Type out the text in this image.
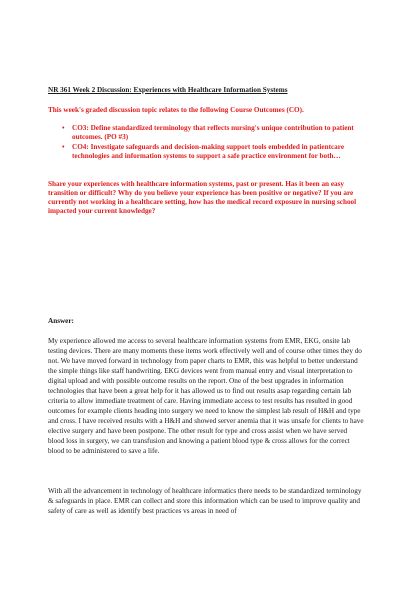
NR 361 Week 2 Discussion: Experiences with Healthcare Information Systems
This week's graded discussion topic relates to the following Course Outcomes (CO).
• CO3: Define standardized terminology that reflects nursing's unique contribution to patient outcomes. (PO #3)
• CO4: Investigate safeguards and decision-making support tools embedded in patientcare technologies and information systems to support a safe practice environment for both…
Share your experiences with healthcare information systems, past or present. Has it been an easy transition or difficult? Why do you believe your experience has been positive or negative? If you are currently not working in a healthcare setting, how has the medical record exposure in nursing school impacted your current knowledge?
Answer:
My experience allowed me access to several healthcare information systems from EMR, EKG, onsite lab testing devices. There are many moments these items work effectively well and of course other times they do not. We have moved forward in technology from paper charts to EMR, this was helpful to better understand the simple things like staff handwriting. EKG devices went from manual entry and visual interpretation to digital upload and with possible outcome results on the report. One of the best upgrades in information technologies that have been a great help for it has allowed us to find out results asap regarding certain lab criteria to allow immediate treatment of care. Having immediate access to test results has resulted in good outcomes for example clients heading into surgery we need to know the simplest lab result of H&H and type and cross. I have received results with a H&H and showed server anemia that it was unsafe for clients to have elective surgery and have been postpone. The other result for type and cross assist when we have served blood loss in surgery, we can transfusion and knowing a patient blood type & cross allows for the correct blood to be administered to save a life.
With all the advancement in technology of healthcare informatics there needs to be standardized terminology & safeguards in place. EMR can collect and store this information which can be used to improve quality and safety of care as well as identify best practices vs areas in need of
